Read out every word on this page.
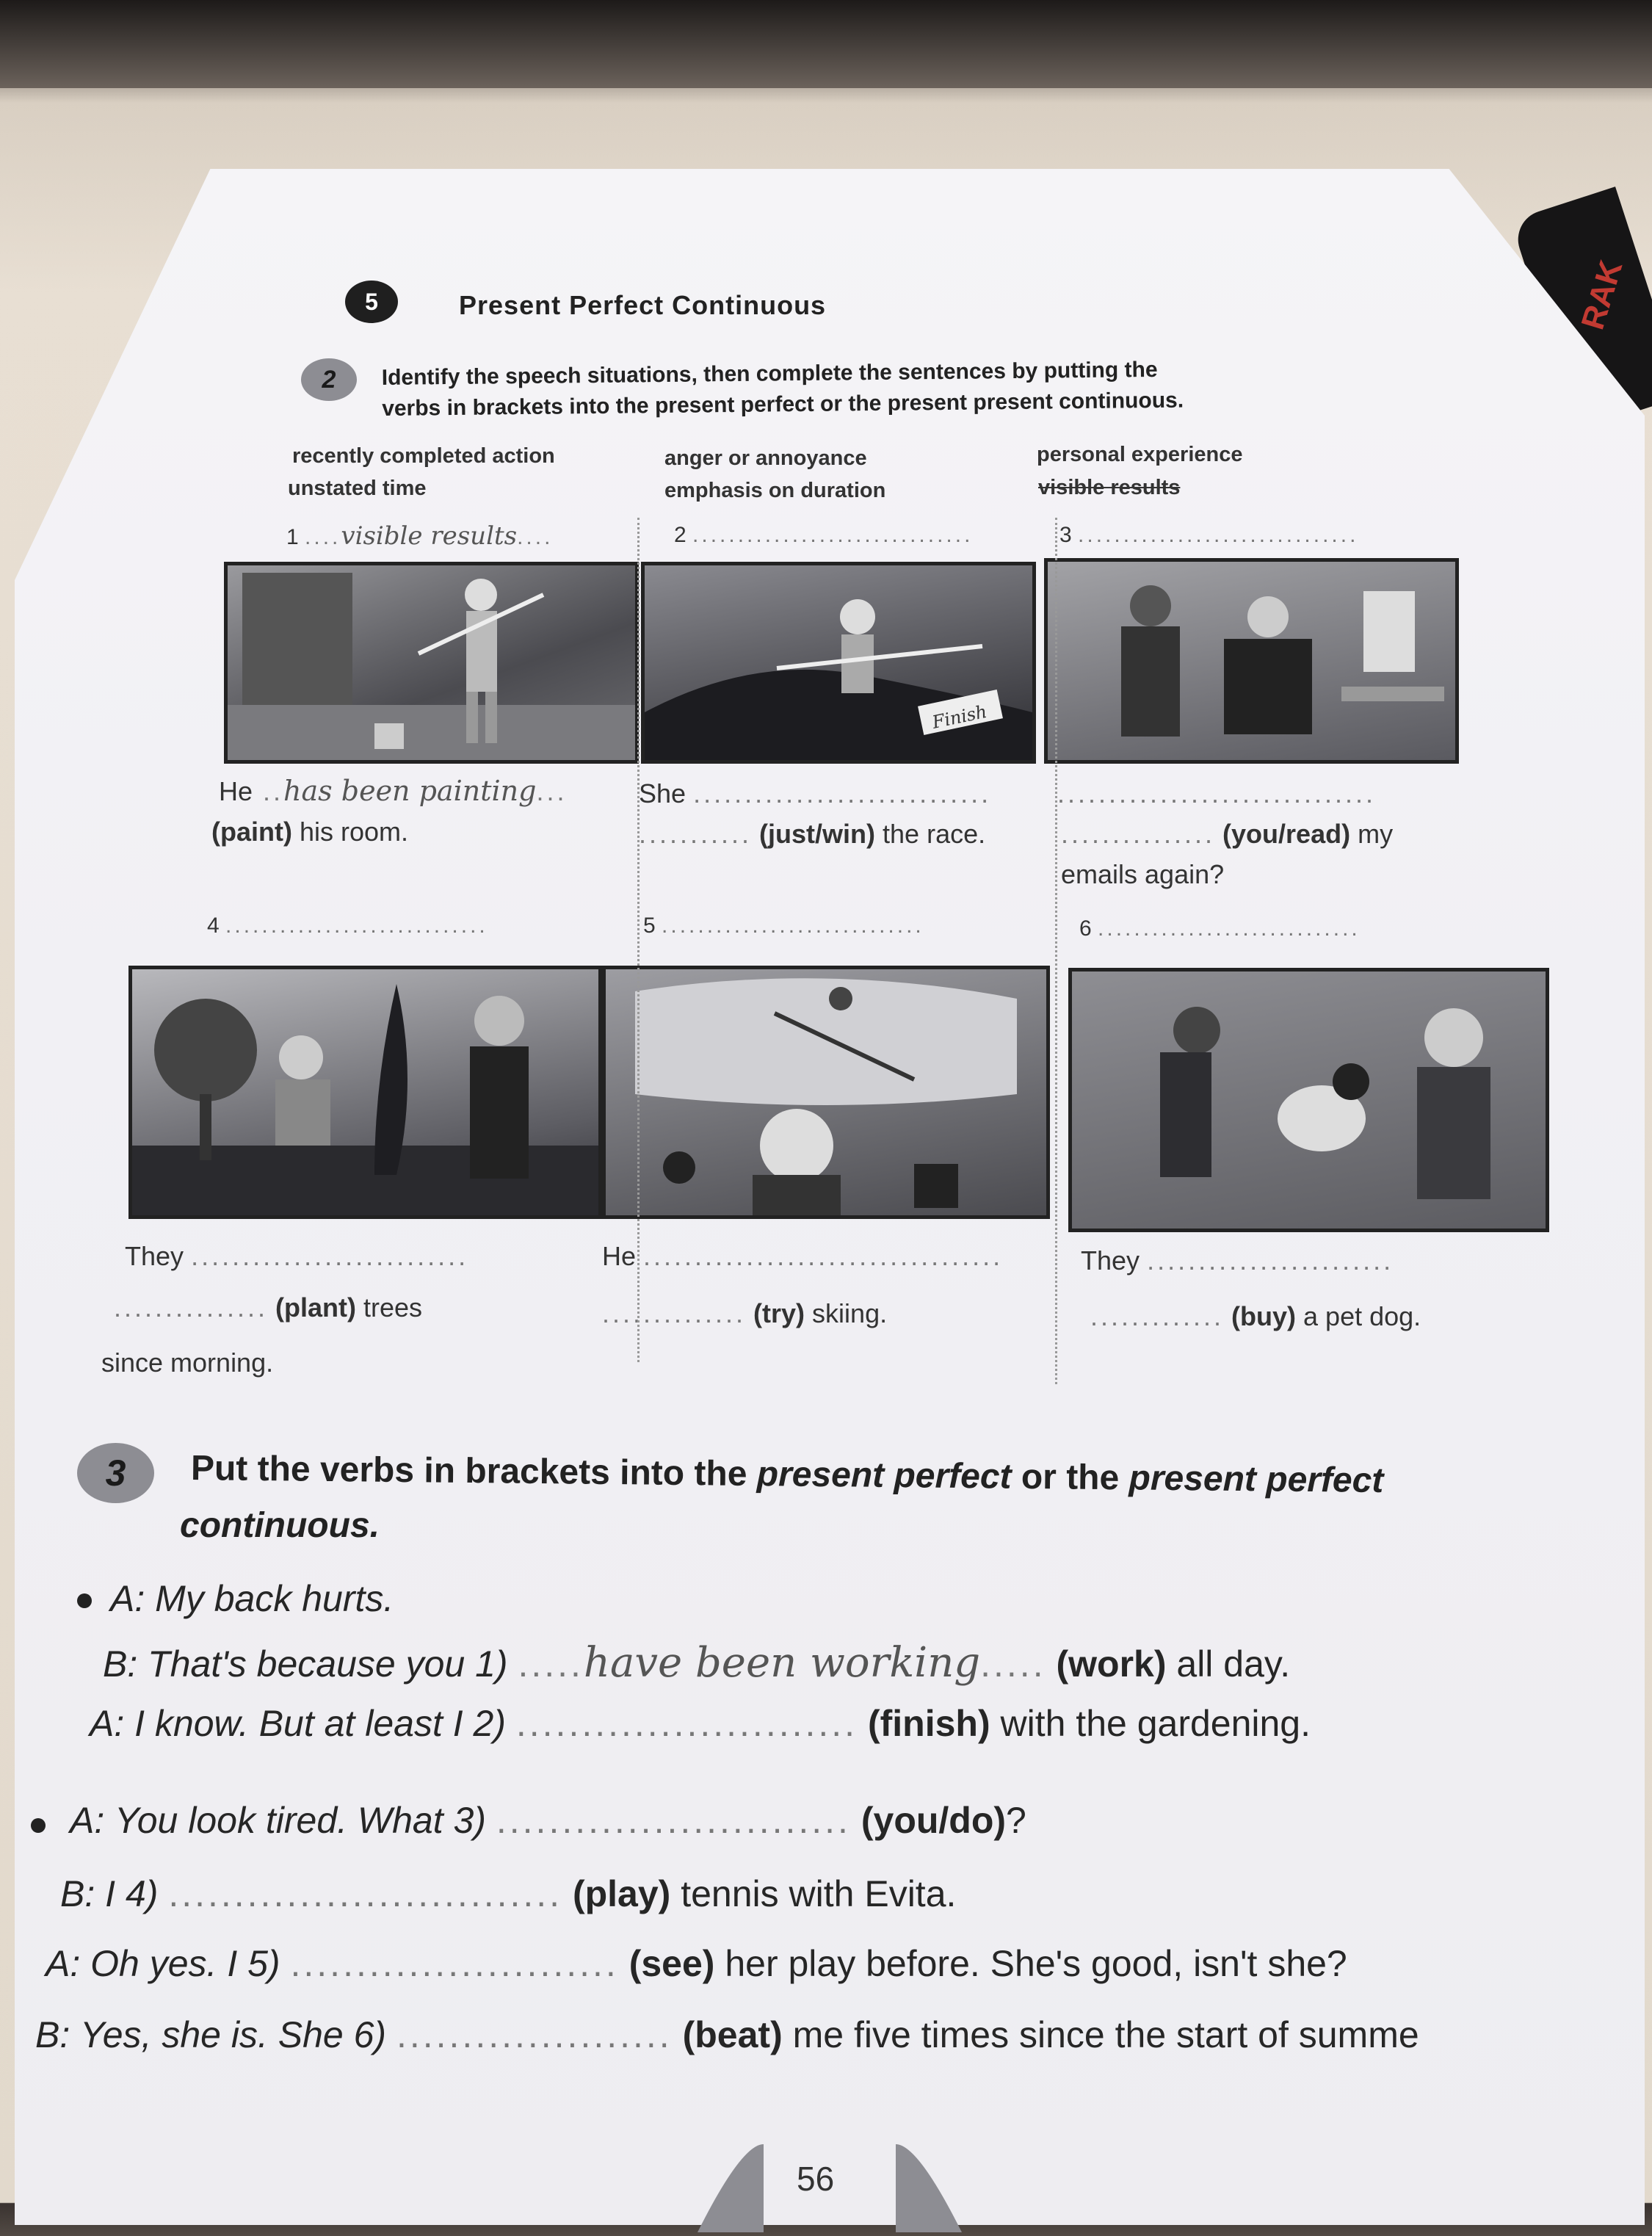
RAK
5	Present Perfect Continuous
2	Identify the speech situations, then complete the sentences by putting the
verbs in brackets into the present perfect or the present present continuous.
recently completed action
unstated time
anger or annoyance
emphasis on duration
personal experience
visible results
1 ....visible results....	2 ...............................	3 ...............................
Finish
He ..has been painting...
(paint) his room.
She .............................
........... (just/win) the race.
...............................
............... (you/read) my
emails again?
4 .............................	5 .............................	6 .............................
They ...........................
............... (plant) trees
since morning.
He ...................................
.............. (try) skiing.
They ........................
............. (buy) a pet dog.
3	Put the verbs in brackets into the present perfect or the present perfect
continuous.
A: My back hurts.
B: That's because you 1) .....have been working..... (work) all day.
A: I know. But at least I 2) .......................... (finish) with the gardening.
A: You look tired. What 3) ........................... (you/do)?
B: I 4) .............................. (play) tennis with Evita.
A: Oh yes. I 5) ......................... (see) her play before. She's good, isn't she?
B: Yes, she is. She 6) ..................... (beat) me five times since the start of summe
56
